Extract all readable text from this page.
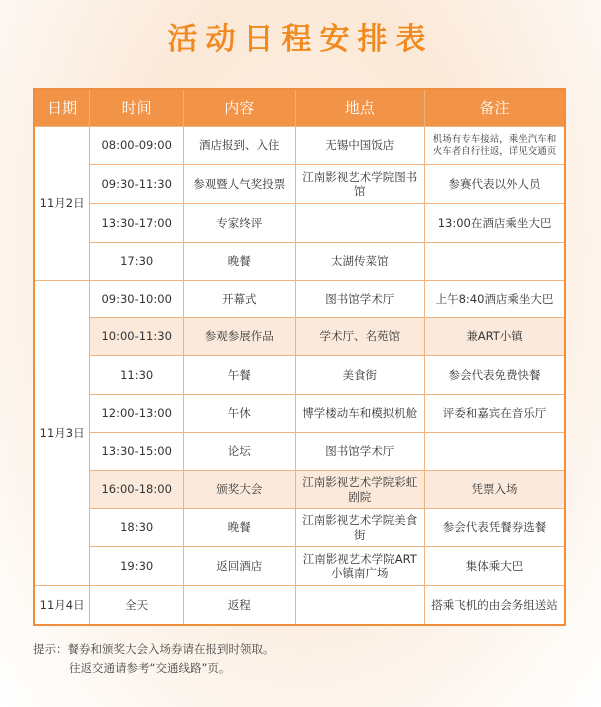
活动日程安排表
日期	时间	内容	地点	备注
11月2日	08:00-09:00	酒店报到、入住	无锡中国饭店	机场有专车接站，乘坐汽车和火车者自行往返，详见交通页
	09:30-11:30	参观暨人气奖投票	江南影视艺术学院图书馆	参赛代表以外人员
	13:30-17:00	专家终评		13:00在酒店乘坐大巴
	17:30	晚餐	太湖传菜馆	
11月3日	09:30-10:00	开幕式	图书馆学术厅	上午8:40酒店乘坐大巴
	10:00-11:30	参观参展作品	学术厅、名苑馆	兼ART小镇
	11:30	午餐	美食街	参会代表免费快餐
	12:00-13:00	午休	博学楼动车和模拟机舱	评委和嘉宾在音乐厅
	13:30-15:00	论坛	图书馆学术厅	
	16:00-18:00	颁奖大会	江南影视艺术学院彩虹剧院	凭票入场
	18:30	晚餐	江南影视艺术学院美食街	参会代表凭餐券选餐
	19:30	返回酒店	江南影视艺术学院ART小镇南广场	集体乘大巴
11月4日	全天	返程		搭乘飞机的由会务组送站
提示：餐券和颁奖大会入场券请在报到时领取。
往返交通请参考“交通线路”页。
